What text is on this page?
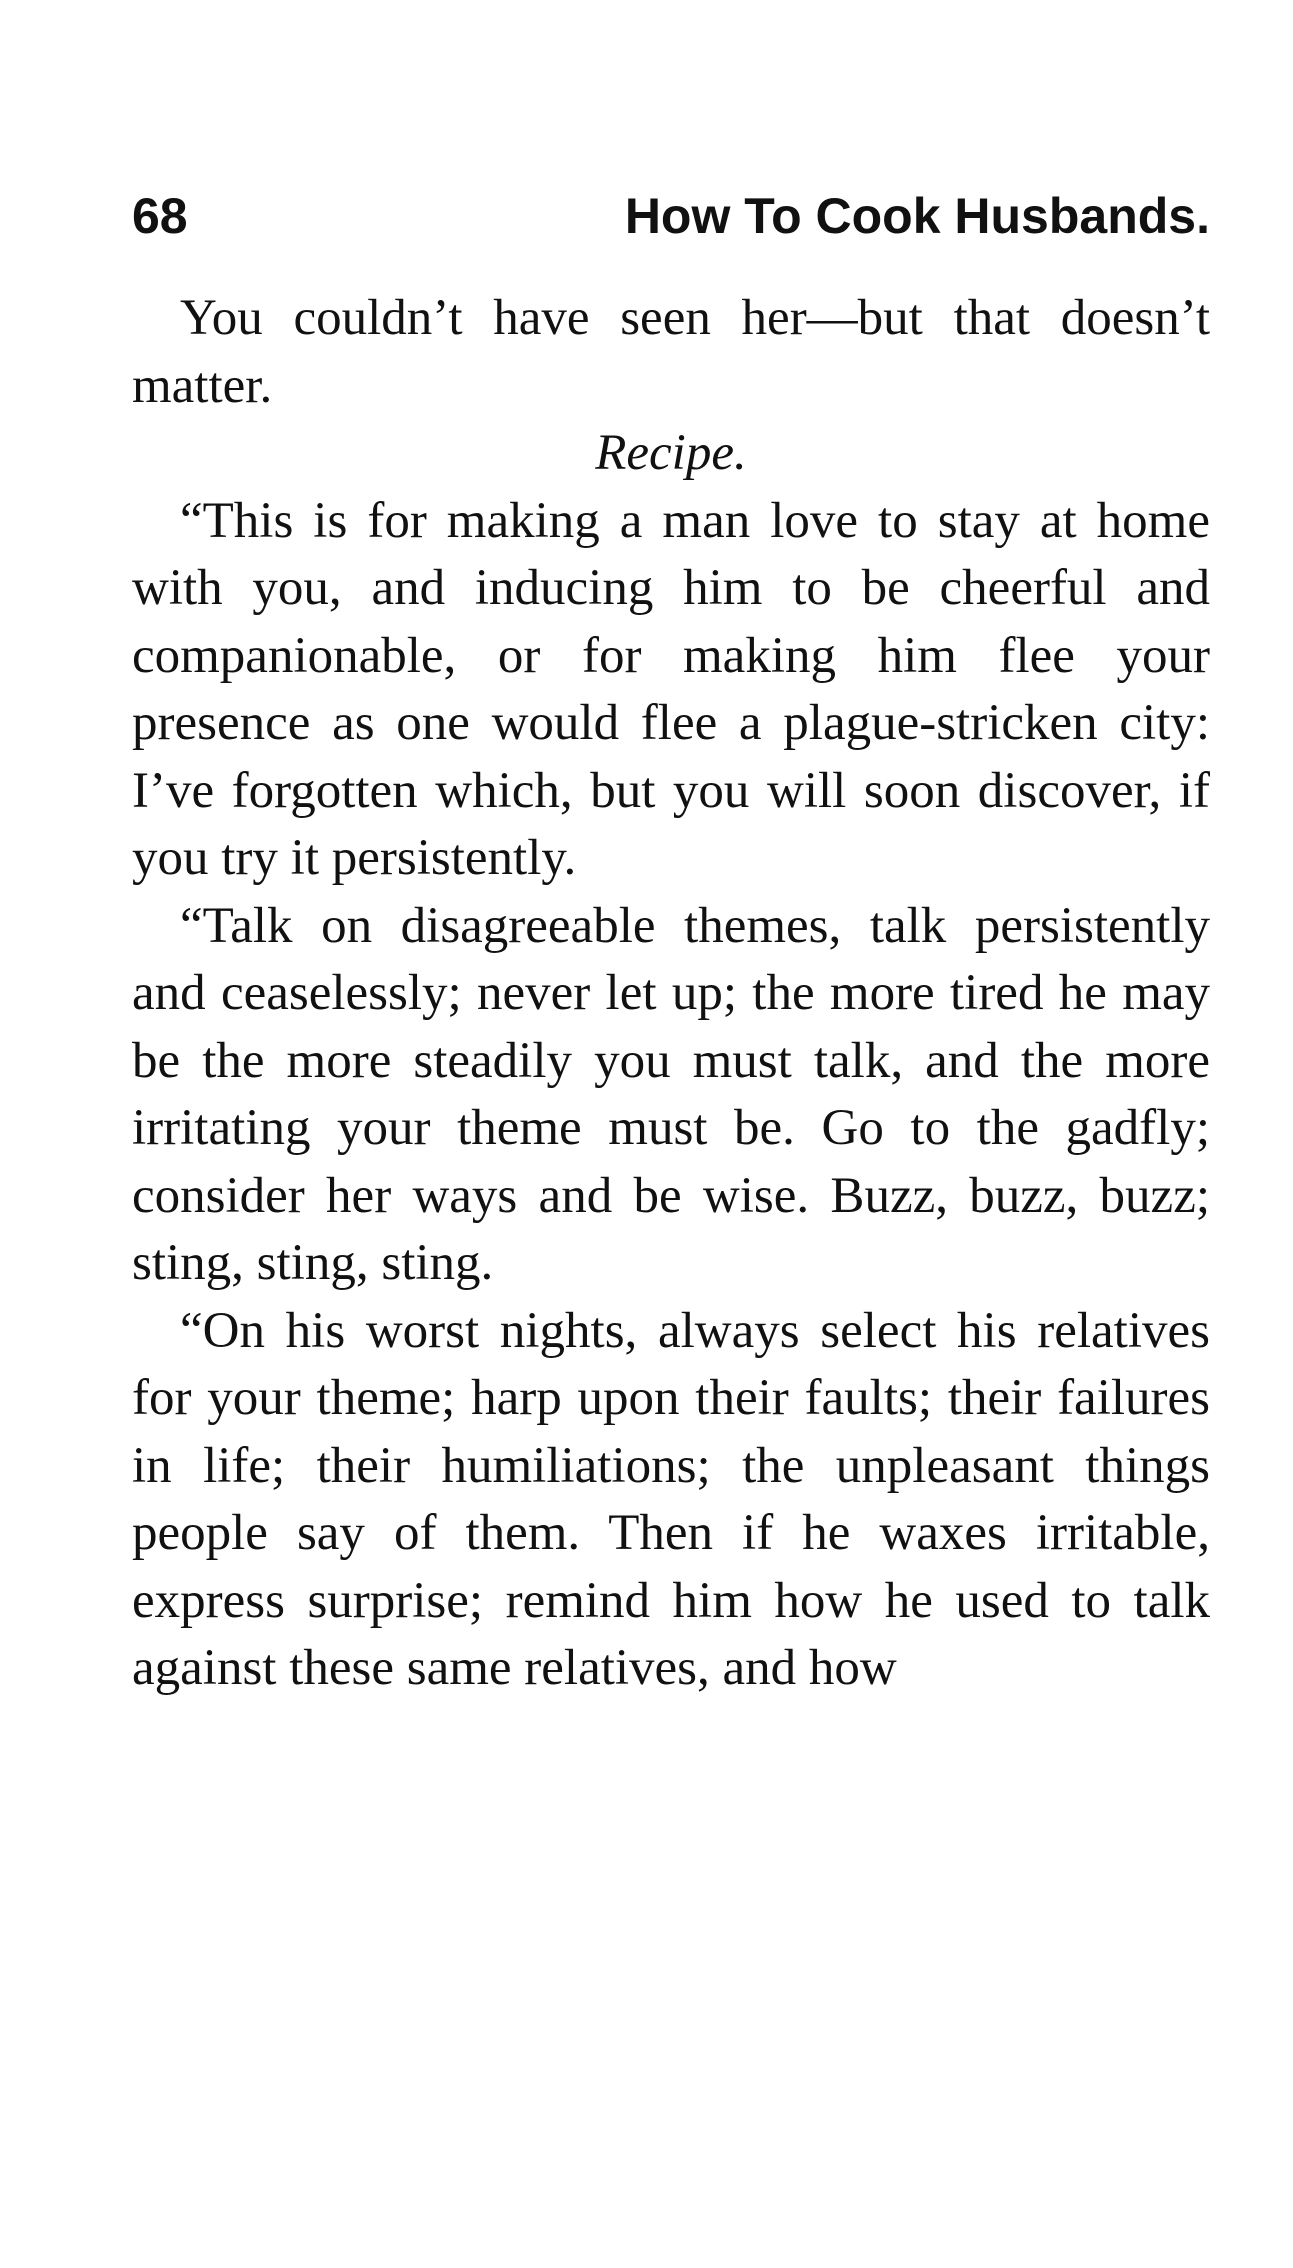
68	How To Cook Husbands.

You couldn’t have seen her—but that doesn’t matter.

Recipe.

“This is for making a man love to stay at home with you, and inducing him to be cheerful and companionable, or for making him flee your presence as one would flee a plague-stricken city: I’ve forgotten which, but you will soon discover, if you try it persistently.

“Talk on disagreeable themes, talk persistently and ceaselessly; never let up; the more tired he may be the more steadily you must talk, and the more irritating your theme must be. Go to the gadfly; consider her ways and be wise. Buzz, buzz, buzz; sting, sting, sting.

“On his worst nights, always select his relatives for your theme; harp upon their faults; their failures in life; their humiliations; the unpleasant things people say of them. Then if he waxes irritable, express surprise; remind him how he used to talk against these same relatives, and how
